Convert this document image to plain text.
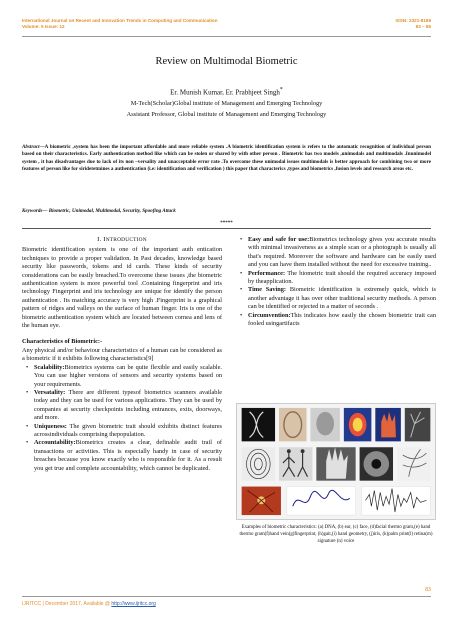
International Journal on Recent and Innovation Trends in Computing and Communication
Volume: 5 Issue: 12
ISSN: 2321-8169
83 – 86
Review on Multimodal Biometric
Er. Munish Kumar, Er. Prabhjeet Singh*
M-Tech(Scholar)Global institute of Management and Emerging Technology
Assistant Professor, Global institute of Management and Emerging Technology
Abstract—A biometric ,system has been the important affordable and more reliable system .A biometric identification system is refers to the automatic recognition of individual person based on their characteristics. Early authentication method like which can be stolen or shared by with other person . Biometric has two models ,unimodals and multimodals .Inunimodel system , it has disadvantages due to lack of its non –versality and unacceptable error rate .To overcome these unimodal issues multimodals is better approach for combining two or more features of person like for siridetetmines a authentication (i.e: identification and verification ) this paper that characterics ,types and biometrics ,fusion levels and research areas etc.
Keywords— Biometric, Unimodal, Multimodal, Security, Spoofing Attack
*****
I. INTRODUCTION

Biometric identification system is one of the important auth entication techniques to provide a proper validation. In Past decades, knowledge based security like passwords, tokens and id cards. These kinds of security considerations can be easily breached.To overcome these issues ,the biometric authentication system is more powerful tool .Containing fingerprint and iris technology Fingerprint and iris technology are unique for identify the person authentication . Its matching accuracy is very high .Fingerprint is a graphical pattern of ridges and valleys on the surface of human finger. Iris is one of the biometric authentication system which are located between cornea and lens of the human eye.

Characteristics of Biometric:-

Any physical and/or behaviour characteristics of a human can be considered as a biometric if it exhibits following characteristics[9]

• Scalability:Biometrics systems can be quite flexible and easily scalable. You can use higher versions of sensors and security systems based on your requirements.
• Versatality: There are different typesof biometrics scanners available today and they can be used for various applications. They can be used by companies at security checkpoints including entrances, exits, doorways, and more.
• Uniqueness: The given biometric trait should exhibits distinct features acrossindividuals comprising thepopulation.
• Accountability:Biometrics creates a clear, definable audit trail of transactions or activities. This is especially handy in case of security breaches because you know exactly who is responsible for it. As a result you get true and complete accountability, which cannot be duplicated.
• Easy and safe for use:Biometrics technology gives you accurate results with minimal invasiveness as a simple scan or a photograph is usually all that's required. Moreover the software and hardware can be easily used and you can have them installed without the need for excessive training..
• Performance: The biometric trait should the required accuracy imposed by theapplication.
• Time Saving: Biometric identification is extremely quick, which is another advantage it has over other traditional security methods. A person can be identified or rejected in a matter of seconds .
• Circumvention:This indicates how easily the chosen biometric trait can fooled usingartifacts
Examples of biometric characteristics: (a) DNA, (b) ear, (c) face, (d)facial thermo gram,(e) hand thermo gram(f)hand vein(g)fingerprint, (h)gait,(i) hand geometry, (j)iris, (k)palm print(l) retina(m) signature (n) voice
83
IJRITCC | December 2017, Available @ http://www.ijritcc.org
